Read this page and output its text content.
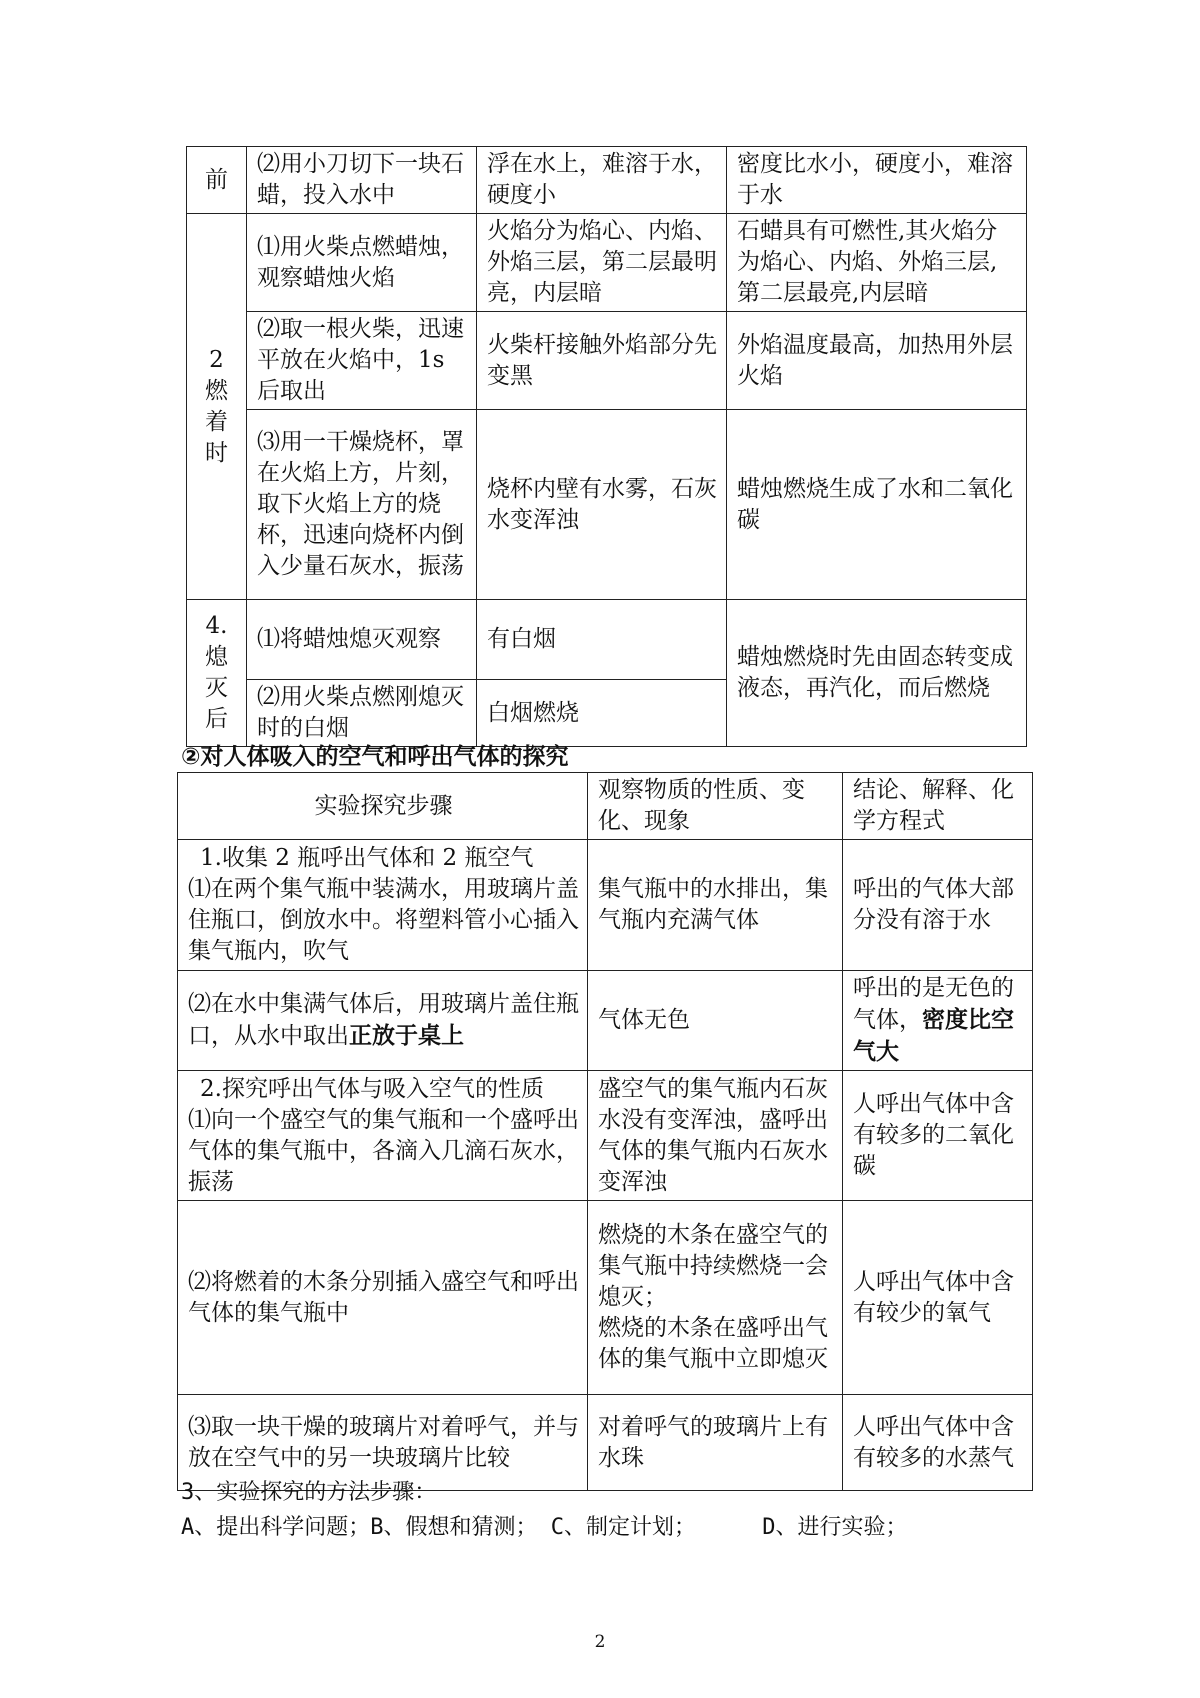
前	⑵用小刀切下一块石蜡，投入水中	浮在水上，难溶于水，硬度小	密度比水小，硬度小，难溶于水
2燃着时	⑴用火柴点燃蜡烛，观察蜡烛火焰	火焰分为焰心、内焰、外焰三层，第二层最明亮，内层暗	石蜡具有可燃性,其火焰分为焰心、内焰、外焰三层,第二层最亮,内层暗
	⑵取一根火柴，迅速平放在火焰中，1s 后取出	火柴杆接触外焰部分先变黑	外焰温度最高，加热用外层火焰
	⑶用一干燥烧杯，罩在火焰上方，片刻，取下火焰上方的烧杯，迅速向烧杯内倒入少量石灰水，振荡	烧杯内壁有水雾，石灰水变浑浊	蜡烛燃烧生成了水和二氧化碳
4.熄灭后	⑴将蜡烛熄灭观察	有白烟	蜡烛燃烧时先由固态转变成液态，再汽化，而后燃烧
	⑵用火柴点燃刚熄灭时的白烟	白烟燃烧	
②对人体吸入的空气和呼出气体的探究
实验探究步骤	观察物质的性质、变化、现象	结论、解释、化学方程式

1.收集 2 瓶呼出气体和 2 瓶空气
⑴在两个集气瓶中装满水，用玻璃片盖住瓶口，倒放水中。将塑料管小心插入集气瓶内，吹气	集气瓶中的水排出，集气瓶内充满气体	呼出的气体大部分没有溶于水
⑵在水中集满气体后，用玻璃片盖住瓶口，从水中取出正放于桌上	气体无色	呼出的是无色的气体，密度比空气大

2.探究呼出气体与吸入空气的性质
⑴向一个盛空气的集气瓶和一个盛呼出气体的集气瓶中，各滴入几滴石灰水，振荡	盛空气的集气瓶内石灰水没有变浑浊，盛呼出气体的集气瓶内石灰水变浑浊	人呼出气体中含有较多的二氧化碳
⑵将燃着的木条分别插入盛空气和呼出气体的集气瓶中	燃烧的木条在盛空气的集气瓶中持续燃烧一会熄灭；
燃烧的木条在盛呼出气体的集气瓶中立即熄灭	人呼出气体中含有较少的氧气
⑶取一块干燥的玻璃片对着呼气，并与放在空气中的另一块玻璃片比较	对着呼气的玻璃片上有水珠	人呼出气体中含有较多的水蒸气
3、实验探究的方法步骤：
A、提出科学问题；B、假想和猜测； C、制定计划；     D、进行实验；
2
